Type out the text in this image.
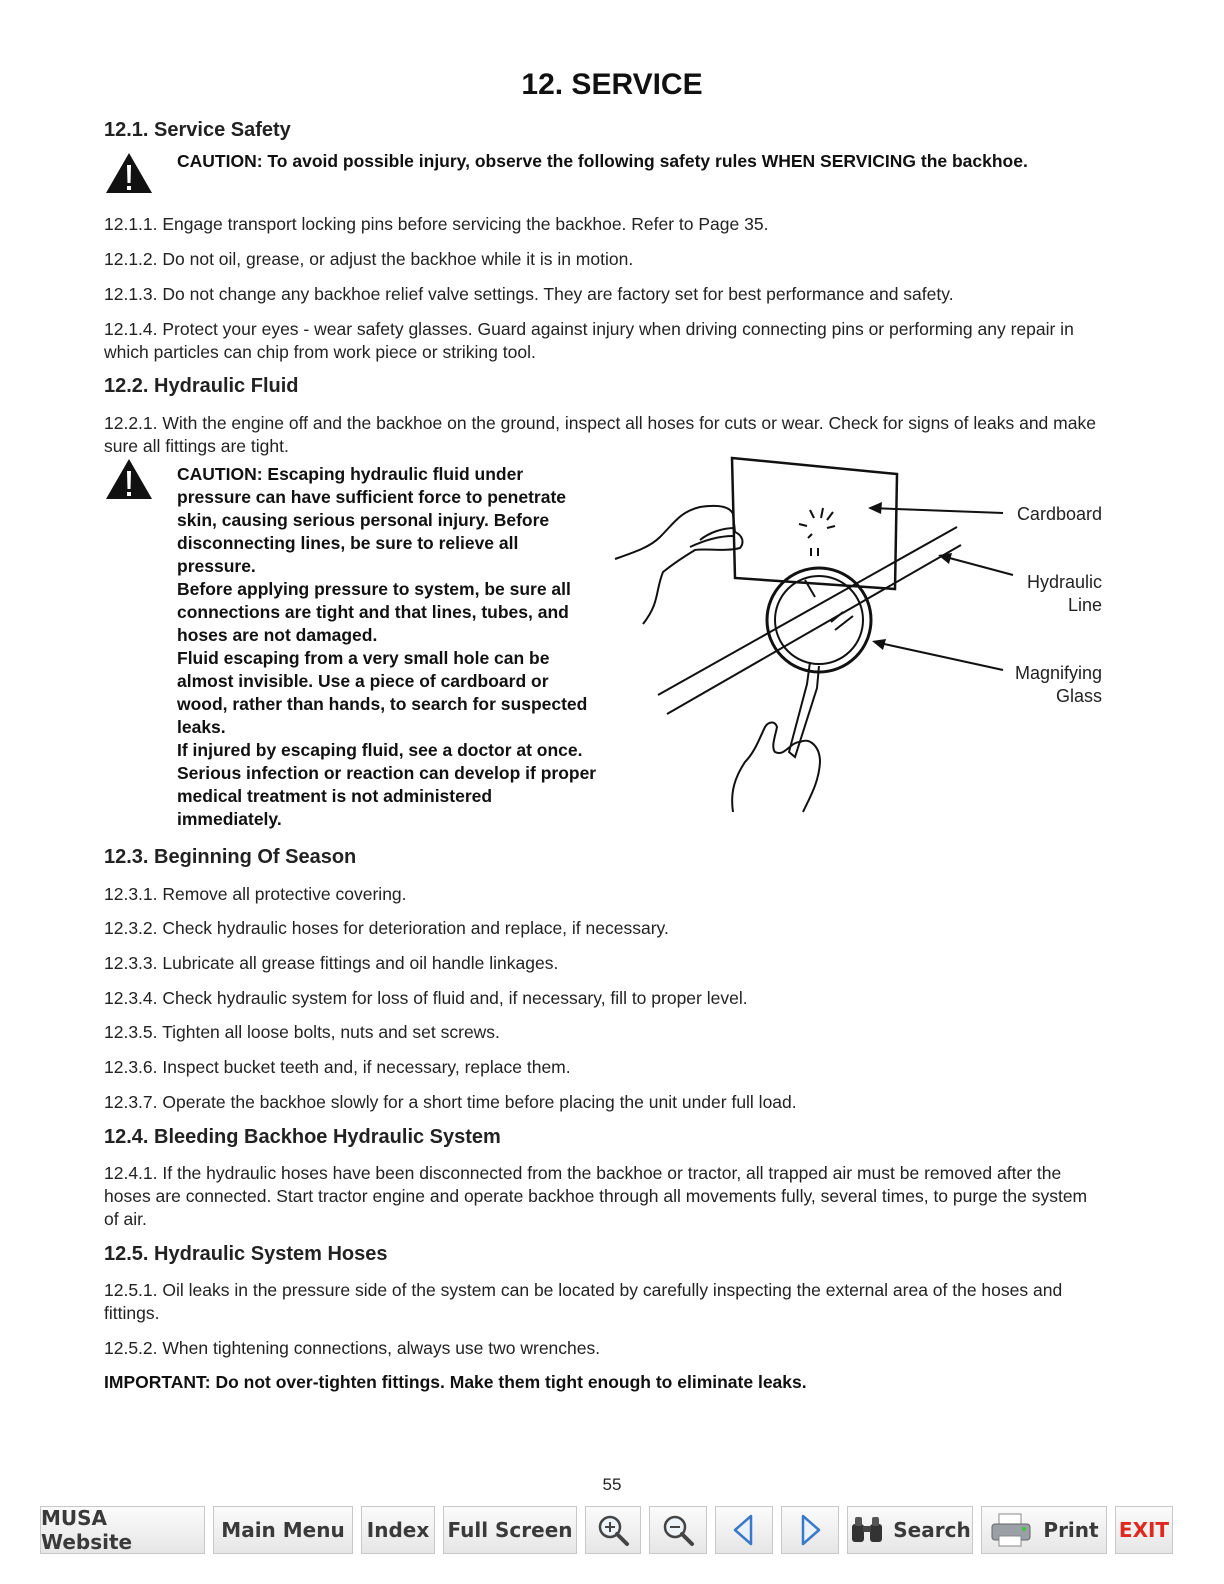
12. SERVICE
12.1. Service Safety

CAUTION: To avoid possible injury, observe the following safety rules WHEN SERVICING the backhoe.

12.1.1. Engage transport locking pins before servicing the backhoe. Refer to Page 35.

12.1.2. Do not oil, grease, or adjust the backhoe while it is in motion.

12.1.3. Do not change any backhoe relief valve settings. They are factory set for best performance and safety.

12.1.4. Protect your eyes - wear safety glasses. Guard against injury when driving connecting pins or performing any repair in which particles can chip from work piece or striking tool.

12.2. Hydraulic Fluid

12.2.1. With the engine off and the backhoe on the ground, inspect all hoses for cuts or wear. Check for signs of leaks and make sure all fittings are tight.

CAUTION: Escaping hydraulic fluid under pressure can have sufficient force to penetrate skin, causing serious personal injury. Before disconnecting lines, be sure to relieve all pressure.

Before applying pressure to system, be sure all connections are tight and that lines, tubes, and hoses are not damaged.

Fluid escaping from a very small hole can be almost invisible. Use a piece of cardboard or wood, rather than hands, to search for suspected leaks.

If injured by escaping fluid, see a doctor at once. Serious infection or reaction can develop if proper medical treatment is not administered immediately.

Cardboard
Hydraulic
Line
Magnifying
Glass
12.3. Beginning Of Season

12.3.1. Remove all protective covering.

12.3.2. Check hydraulic hoses for deterioration and replace, if necessary.

12.3.3. Lubricate all grease fittings and oil handle linkages.

12.3.4. Check hydraulic system for loss of fluid and, if necessary, fill to proper level.

12.3.5. Tighten all loose bolts, nuts and set screws.

12.3.6. Inspect bucket teeth and, if necessary, replace them.

12.3.7. Operate the backhoe slowly for a short time before placing the unit under full load.

12.4. Bleeding Backhoe Hydraulic System

12.4.1. If the hydraulic hoses have been disconnected from the backhoe or tractor, all trapped air must be removed after the hoses are connected. Start tractor engine and operate backhoe through all movements fully, several times, to purge the system of air.

12.5. Hydraulic System Hoses

12.5.1. Oil leaks in the pressure side of the system can be located by carefully inspecting the external area of the hoses and fittings.

12.5.2. When tightening connections, always use two wrenches.

IMPORTANT: Do not over-tighten fittings. Make them tight enough to eliminate leaks.

55
MUSA Website	Main Menu Index Full Screen	Search	Print EXIT
